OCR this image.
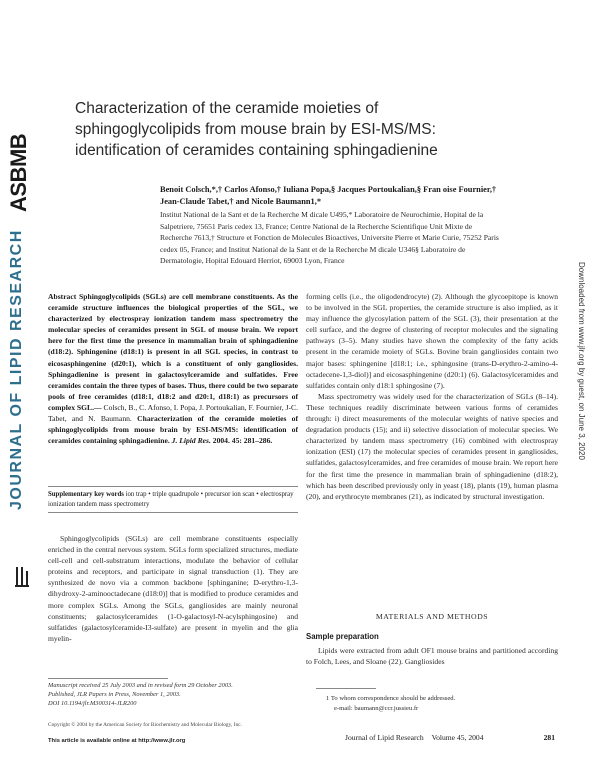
ASBMB
JOURNAL OF LIPID RESEARCH	Downloaded from www.jlr.org by guest, on June 3, 2020
Characterization of the ceramide moieties of
sphingoglycolipids from mouse brain by ESI-MS/MS:
identification of ceramides containing sphingadienine
Benoit Colsch,*,† Carlos Afonso,† Iuliana Popa,§ Jacques Portoukalian,§ Fran oise Fournier,†
Jean-Claude Tabet,† and Nicole Baumann1,*
Institut National de la Sant et de la Recherche M dicale U495,* Laboratoire de Neurochimie, Hopital de la
Salpetriere, 75651 Paris cedex 13, France; Centre National de la Recherche Scientifique Unit Mixte de
Recherche 7613,† Structure et Fonction de Molecules Bioactives, Universite Pierre et Marie Curie, 75252 Paris
cedex 05, France; and Institut National de la Sant et de la Recherche M dicale U346§ Laboratoire de
Dermatologie, Hopital Edouard Herriot, 69003 Lyon, France
Abstract Sphingoglycolipids (SGLs) are cell membrane constituents. As the ceramide structure influences the biological properties of the SGL, we characterized by electrospray ionization tandem mass spectrometry the molecular species of ceramides present in SGL of mouse brain. We report here for the first time the presence in mammalian brain of sphingadienine (d18:2). Sphingenine (d18:1) is present in all SGL species, in contrast to eicosasphingenine (d20:1), which is a constituent of only gangliosides. Sphingadienine is present in galactosylceramide and sulfatides. Free ceramides contain the three types of bases. Thus, there could be two separate pools of free ceramides (d18:1, d18:2 and d20:1, d18:1) as precursors of complex SGL.— Colsch, B., C. Afonso, I. Popa, J. Portoukalian, F. Fournier, J-C. Tabet, and N. Baumann. Characterization of the ceramide moieties of sphingoglycolipids from mouse brain by ESI-MS/MS: identification of ceramides containing sphingadienine. J. Lipid Res. 2004. 45: 281–286.
Supplementary key words ion trap • triple quadrupole • precursor ion scan • electrospray ionization tandem mass spectrometry

Sphingoglycolipids (SGLs) are cell membrane constituents especially enriched in the central nervous system. SGLs form specialized structures, mediate cell-cell and cell-substratum interactions, modulate the behavior of cellular proteins and receptors, and participate in signal transduction (1). They are synthesized de novo via a common backbone [sphinganine; D-erythro-1,3-dihydroxy-2-aminooctadecane (d18:0)] that is modified to produce ceramides and more complex SGLs. Among the SGLs, gangliosides are mainly neuronal constituents; galactosylceramides (1-O-galactosyl-N-acylsphingosine) and sulfatides (galactosylceramide-I3-sulfate) are present in myelin and the glia myelin-

forming cells (i.e., the oligodendrocyte) (2). Although the glycoepitope is known to be involved in the SGL properties, the ceramide structure is also implied, as it may influence the glycosylation pattern of the SGL (3), their presentation at the cell surface, and the degree of clustering of receptor molecules and the signaling pathways (3–5). Many studies have shown the complexity of the fatty acids present in the ceramide moiety of SGLs. Bovine brain gangliosides contain two major bases: sphingenine [d18:1; i.e., sphingosine (trans-D-erythro-2-amino-4-octadecene-1,3-diol)] and eicosasphingenine (d20:1) (6). Galactosylceramides and sulfatides contain only d18:1 sphingosine (7).

Mass spectrometry was widely used for the characterization of SGLs (8–14). These techniques readily discriminate between various forms of ceramides through: i) direct measurements of the molecular weights of native species and degradation products (15); and ii) selective dissociation of molecular species. We characterized by tandem mass spectrometry (16) combined with electrospray ionization (ESI) (17) the molecular species of ceramides present in gangliosides, sulfatides, galactosylceramides, and free ceramides of mouse brain. We report here for the first time the presence in mammalian brain of sphingadienine (d18:2), which has been described previously only in yeast (18), plants (19), human plasma (20), and erythrocyte membranes (21), as indicated by structural investigation.

MATERIALS AND METHODS
Sample preparation

Lipids were extracted from adult OF1 mouse brains and partitioned according to Folch, Lees, and Sloane (22). Gangliosides

Manuscript received 25 July 2003 and in revised form 29 October 2003.
Published, JLR Papers in Press, November 1, 2003.
DOI 10.1194/jlr.M300314-JLR200
Copyright © 2004 by the American Society for Biochemistry and Molecular Biology, Inc.
This article is available online at http://www.jlr.org
1 To whom correspondence should be addressed.
e-mail: baumann@ccr.jussieu.fr
Journal of Lipid Research Volume 45, 2004	281
